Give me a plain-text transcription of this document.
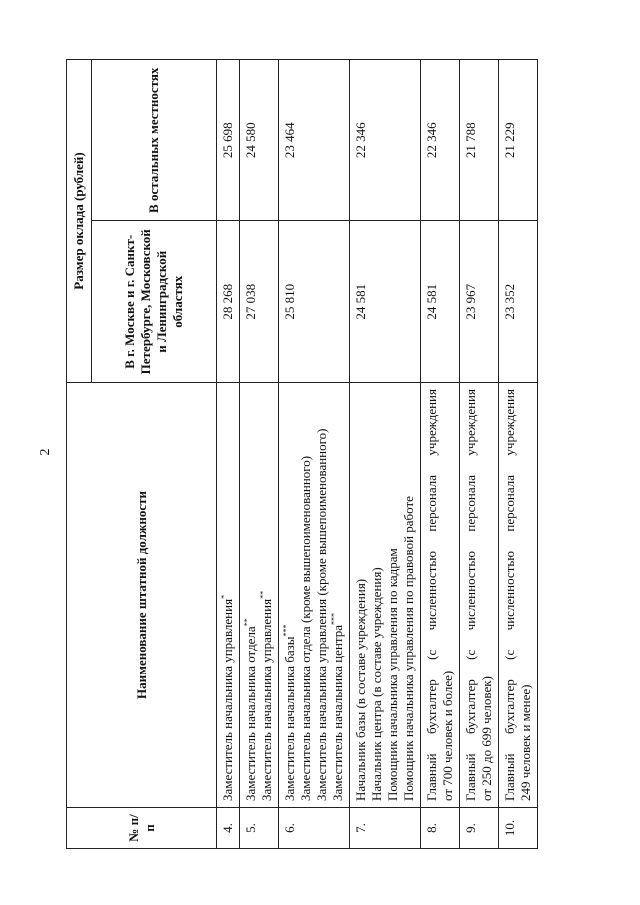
2
№ п/п	Наименование штатной должности	Размер оклада (рублей)	
		В г. Москве и г. Санкт-Петербурге, Московской и Ленинградской областях	В остальных местностях
4.	Заместитель начальника управления*	28 268	25 698
5.	Заместитель начальника отдела** Заместитель начальника управления**	27 038	24 580
6.	Заместитель начальника базы*** Заместитель начальника отдела (кроме вышепоименованного) Заместитель начальника управления (кроме вышепоименованного) Заместитель начальника центра***	25 810	23 464
7.	Начальник базы (в составе учреждения) Начальник центра (в составе учреждения) Помощник начальника управления по кадрам Помощник начальника управления по правовой работе	24 581	22 346
8.	Главный бухгалтер (с численностью персонала учреждения от 700 человек и более)	24 581	22 346
9.	Главный бухгалтер (с численностью персонала учреждения от 250 до 699 человек)	23 967	21 788
10.	Главный бухгалтер (с численностью персонала учреждения 249 человек и менее)	23 352	21 229
